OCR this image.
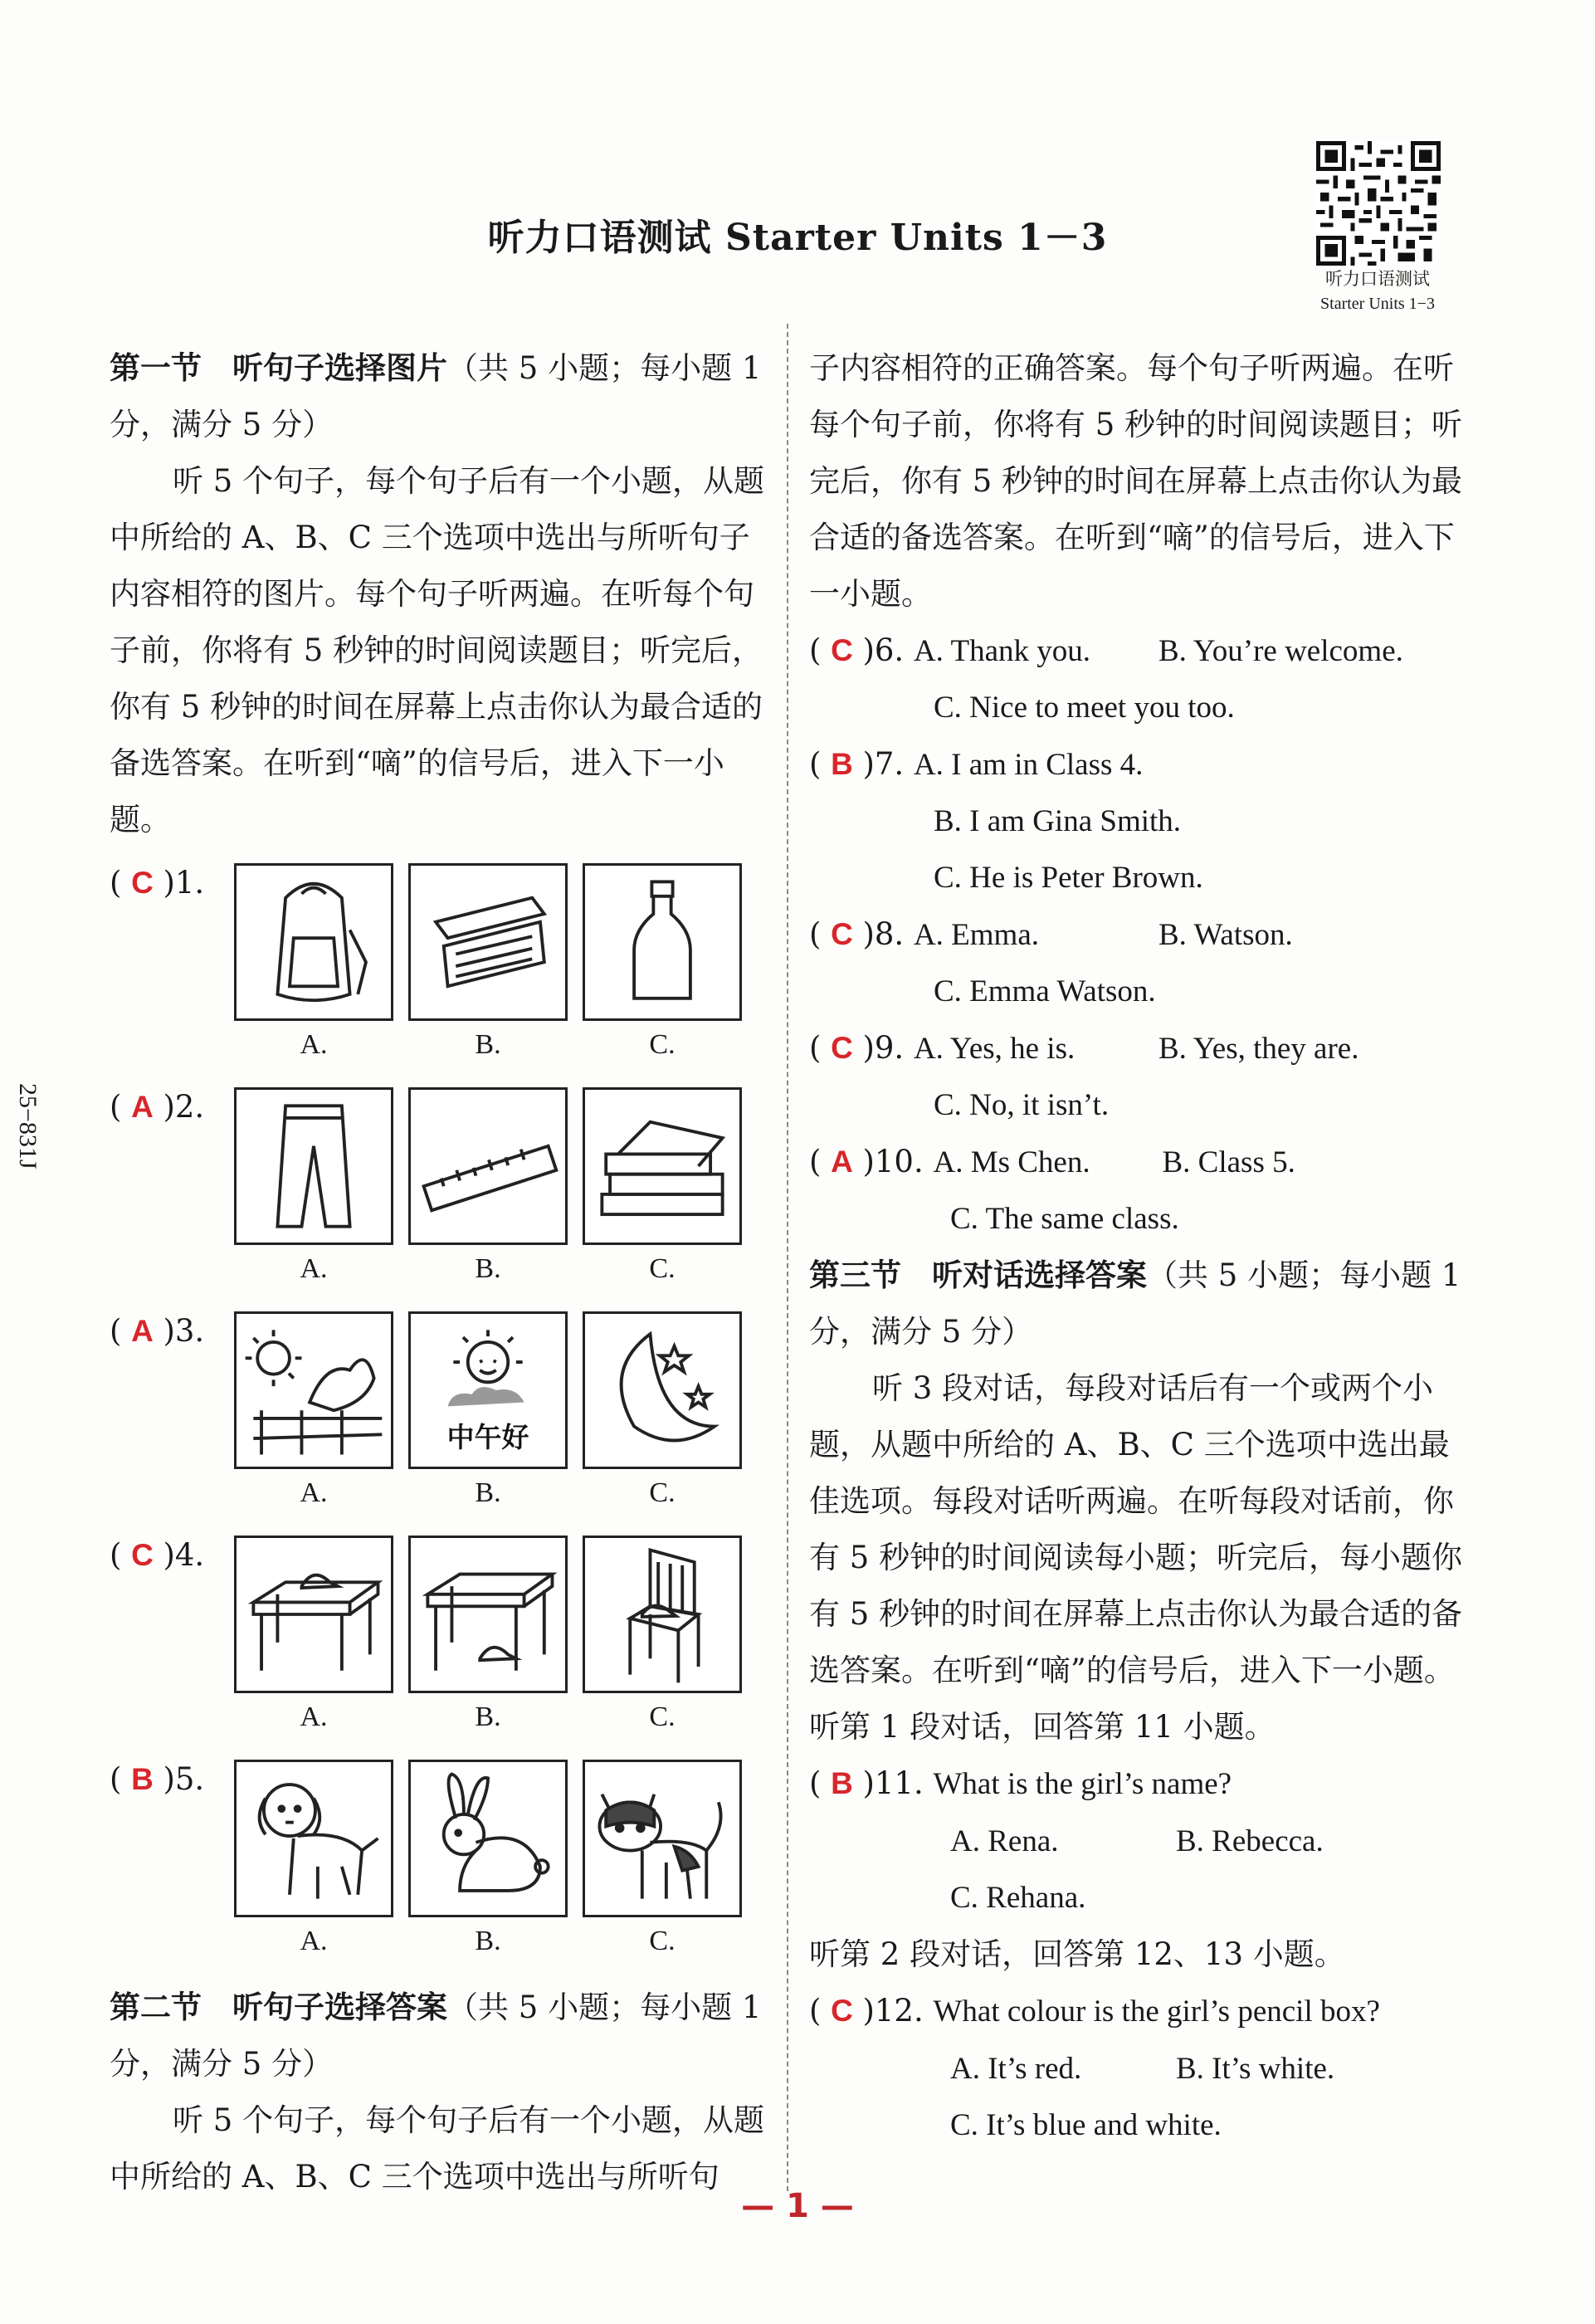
听力口语测试 Starter Units 1－3
听力口语测试
Starter Units 1−3
25−831J
第一节　听句子选择图片（共 5 小题；每小题 1 分，满分 5 分）

听 5 个句子，每个句子后有一个小题，从题中所给的 A、B、C 三个选项中选出与所听句子内容相符的图片。每个句子听两遍。在听每个句子前，你将有 5 秒钟的时间阅读题目；听完后，你有 5 秒钟的时间在屏幕上点击你认为最合适的备选答案。在听到“嘀”的信号后，进入下一小题。

( C )1.
A.	B.	C.
( A )2.
A.	B.	C.
( A )3.
中午好
A.	B.	C.
( C )4.
A.	B.	C.
( B )5.
A.	B.	C.
第二节　听句子选择答案（共 5 小题；每小题 1 分，满分 5 分）

听 5 个句子，每个句子后有一个小题，从题中所给的 A、B、C 三个选项中选出与所听句

子内容相符的正确答案。每个句子听两遍。在听每个句子前，你将有 5 秒钟的时间阅读题目；听完后，你有 5 秒钟的时间在屏幕上点击你认为最合适的备选答案。在听到“嘀”的信号后，进入下一小题。

( C )6. A. Thank you. B. You’re welcome.
C. Nice to meet you too.
( B )7. A. I am in Class 4.
B. I am Gina Smith.
C. He is Peter Brown.
( C )8. A. Emma.	B. Watson.
C. Emma Watson.
( C )9. A. Yes, he is.	B. Yes, they are.
C. No, it isn’t.
( A )10. A. Ms Chen. B. Class 5.
C. The same class.
第三节　听对话选择答案（共 5 小题；每小题 1 分，满分 5 分）

听 3 段对话，每段对话后有一个或两个小题，从题中所给的 A、B、C 三个选项中选出最佳选项。每段对话听两遍。在听每段对话前，你有 5 秒钟的时间阅读每小题；听完后，每小题你有 5 秒钟的时间在屏幕上点击你认为最合适的备选答案。在听到“嘀”的信号后，进入下一小题。

听第 1 段对话，回答第 11 小题。
( B )11. What is the girl’s name?
A. Rena.	B. Rebecca.
C. Rehana.
听第 2 段对话，回答第 12、13 小题。
( C )12. What colour is the girl’s pencil box?
A. It’s red.	B. It’s white.
C. It’s blue and white.
— 1 —
